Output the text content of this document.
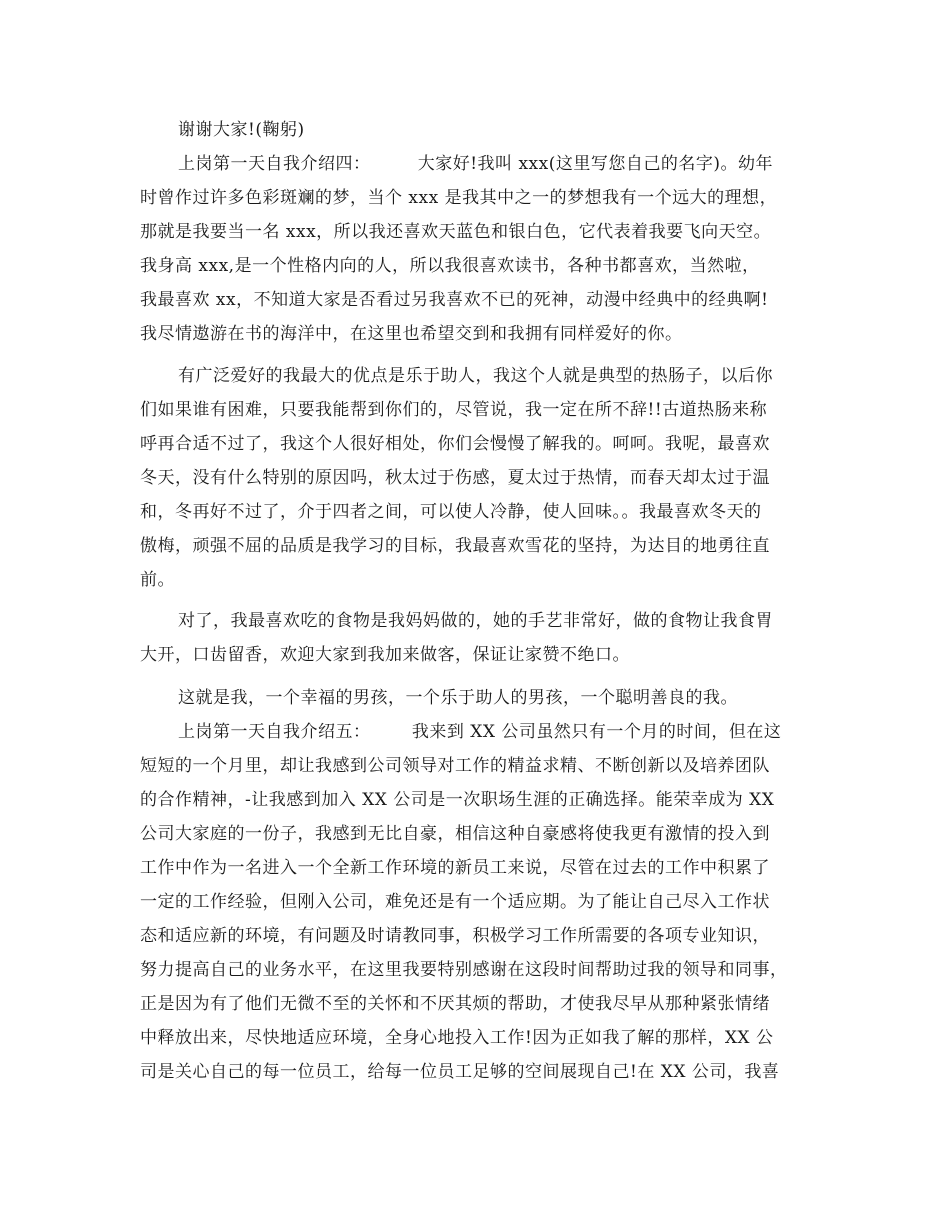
谢谢大家!(鞠躬)
上岗第一天自我介绍四：        大家好!我叫 xxx(这里写您自己的名字)。幼年
时曾作过许多色彩斑斓的梦，当个 xxx 是我其中之一的梦想我有一个远大的理想，
那就是我要当一名 xxx，所以我还喜欢天蓝色和银白色，它代表着我要飞向天空。
我身高 xxx,是一个性格内向的人，所以我很喜欢读书，各种书都喜欢，当然啦，
我最喜欢 xx，不知道大家是否看过另我喜欢不已的死神，动漫中经典中的经典啊!
我尽情遨游在书的海洋中，在这里也希望交到和我拥有同样爱好的你。
有广泛爱好的我最大的优点是乐于助人，我这个人就是典型的热肠子，以后你
们如果谁有困难，只要我能帮到你们的，尽管说，我一定在所不辞!!古道热肠来称
呼再合适不过了，我这个人很好相处，你们会慢慢了解我的。呵呵。我呢，最喜欢
冬天，没有什么特别的原因吗，秋太过于伤感，夏太过于热情，而春天却太过于温
和，冬再好不过了，介于四者之间，可以使人冷静，使人回味。。我最喜欢冬天的
傲梅，顽强不屈的品质是我学习的目标，我最喜欢雪花的坚持，为达目的地勇往直
前。
对了，我最喜欢吃的食物是我妈妈做的，她的手艺非常好，做的食物让我食胃
大开，口齿留香，欢迎大家到我加来做客，保证让家赞不绝口。
这就是我，一个幸福的男孩，一个乐于助人的男孩，一个聪明善良的我。
上岗第一天自我介绍五：       我来到 XX 公司虽然只有一个月的时间，但在这
短短的一个月里，却让我感到公司领导对工作的精益求精、不断创新以及培养团队
的合作精神，-让我感到加入 XX 公司是一次职场生涯的正确选择。能荣幸成为 XX
公司大家庭的一份子，我感到无比自豪，相信这种自豪感将使我更有激情的投入到
工作中作为一名进入一个全新工作环境的新员工来说，尽管在过去的工作中积累了
一定的工作经验，但刚入公司，难免还是有一个适应期。为了能让自己尽入工作状
态和适应新的环境，有问题及时请教同事，积极学习工作所需要的各项专业知识，
努力提高自己的业务水平，在这里我要特别感谢在这段时间帮助过我的领导和同事，
正是因为有了他们无微不至的关怀和不厌其烦的帮助，才使我尽早从那种紧张情绪
中释放出来，尽快地适应环境，全身心地投入工作!因为正如我了解的那样，XX 公
司是关心自己的每一位员工，给每一位员工足够的空间展现自己!在 XX 公司，我喜
